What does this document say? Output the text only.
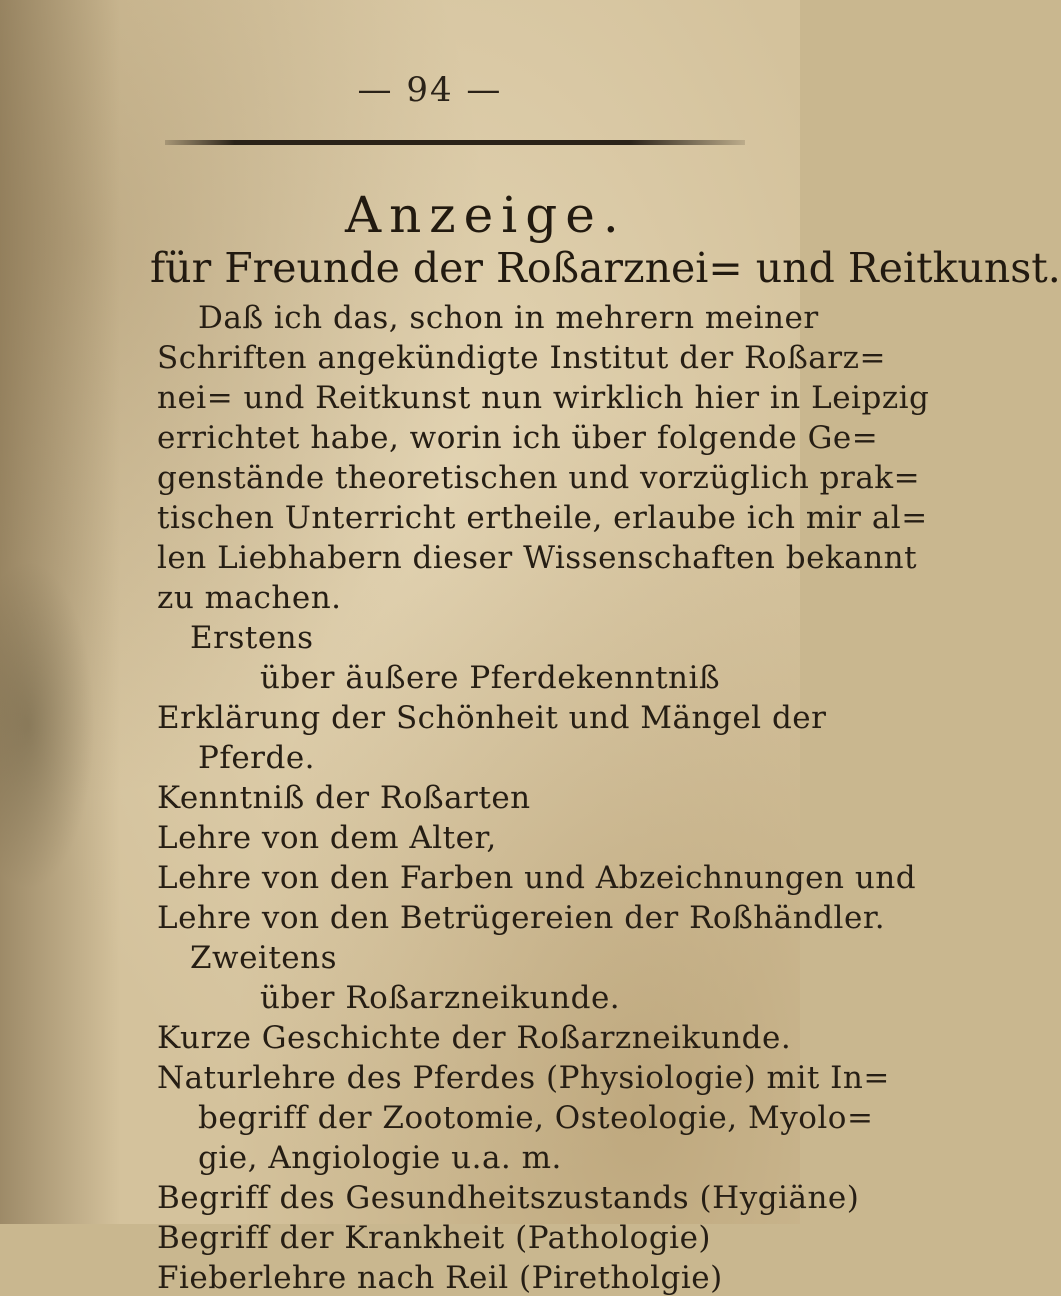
— 94 —
Anzeige.
für Freunde der Roßarznei= und Reitkunst.
Daß ich das, schon in mehrern meiner
Schriften angekündigte Institut der Roßarz=
nei= und Reitkunst nun wirklich hier in Leipzig
errichtet habe, worin ich über folgende Ge=
genstände theoretischen und vorzüglich prak=
tischen Unterricht ertheile, erlaube ich mir al=
len Liebhabern dieser Wissenschaften bekannt
zu machen.
Erstens
über äußere Pferdekenntniß
Erklärung der Schönheit und Mängel der
Pferde.
Kenntniß der Roßarten
Lehre von dem Alter,
Lehre von den Farben und Abzeichnungen und
Lehre von den Betrügereien der Roßhändler.
Zweitens
über Roßarzneikunde.
Kurze Geschichte der Roßarzneikunde.
Naturlehre des Pferdes (Physiologie) mit In=
begriff der Zootomie, Osteologie, Myolo=
gie, Angiologie u.a. m.
Begriff des Gesundheitszustands (Hygiäne)
Begriff der Krankheit (Pathologie)
Fieberlehre nach Reil (Piretholgie)
